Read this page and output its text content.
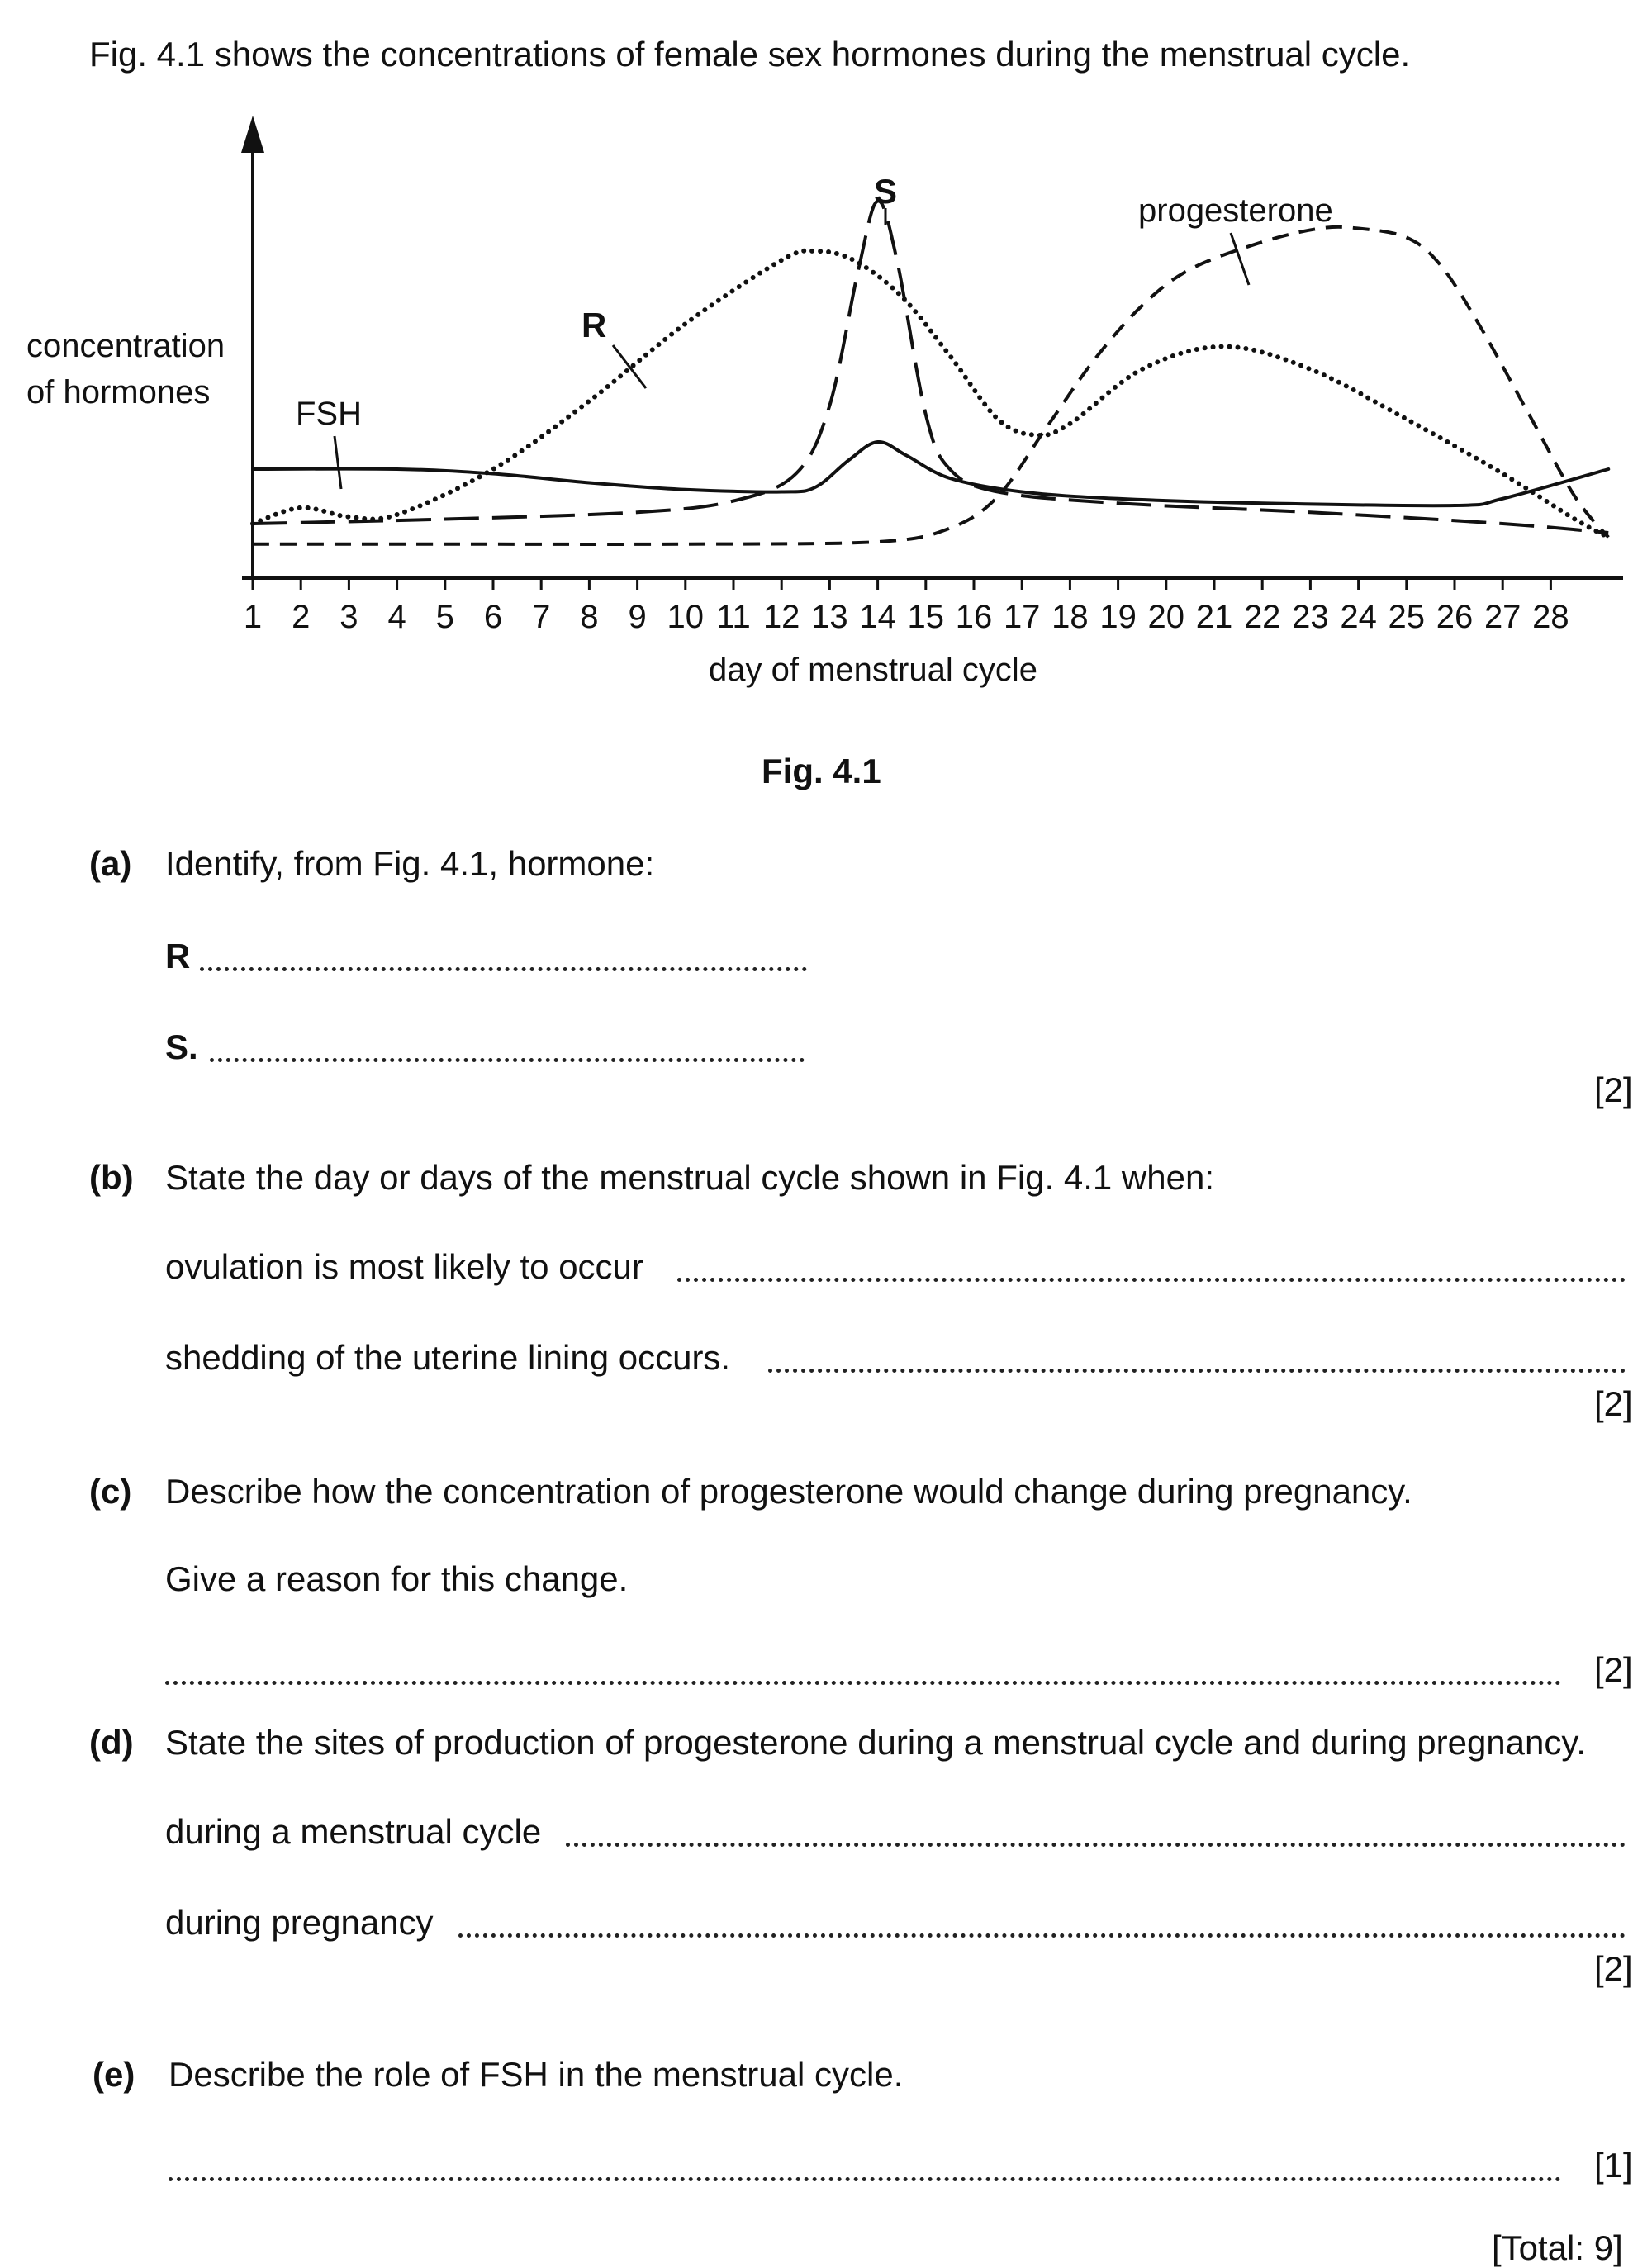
Fig. 4.1 shows the concentrations of female sex hormones during the menstrual cycle.
1 2 3 4 5 6 7 8 9 10 11 12 13 14 15 16 17 18 19 20 21 22 23 24 25 26 27 28
concentration
of hormones
day of menstrual cycle
FSH
R
S	progesterone
Fig. 4.1
(a) Identify, from Fig. 4.1, hormone:
R
S.
[2]
(b) State the day or days of the menstrual cycle shown in Fig. 4.1 when:
ovulation is most likely to occur
shedding of the uterine lining occurs.
[2]
(c) Describe how the concentration of progesterone would change during pregnancy.
Give a reason for this change.
[2]
(d) State the sites of production of progesterone during a menstrual cycle and during pregnancy.
during a menstrual cycle
during pregnancy
[2]
(e) Describe the role of FSH in the menstrual cycle.
[1]
[Total: 9]
